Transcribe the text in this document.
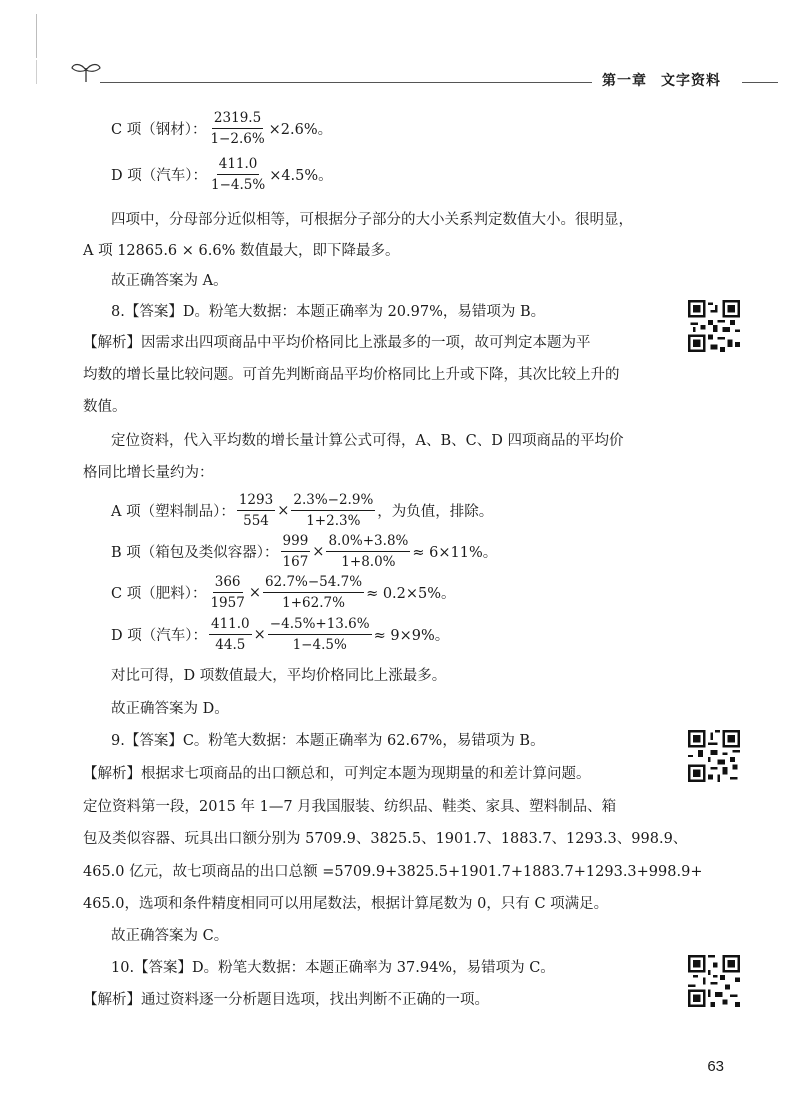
第一章 文字资料
C 项（钢材）： $\frac{2319.5}{1-2.6\%} \times 2.6\%$。
D 项（汽车）： $\frac{411.0}{1-4.5\%} \times 4.5\%$。
四项中，分母部分近似相等，可根据分子部分的大小关系判定数值大小。很明显，
A 项 12865.6 × 6.6% 数值最大，即下降最多。
故正确答案为 A。
8.【答案】D。粉笔大数据：本题正确率为 20.97%，易错项为 B。
【解析】因需求出四项商品中平均价格同比上涨最多的一项，故可判定本题为平
均数的增长量比较问题。可首先判断商品平均价格同比上升或下降，其次比较上升的
数值。
定位资料，代入平均数的增长量计算公式可得，A、B、C、D 四项商品的平均价
格同比增长量约为：
A 项（塑料制品）： $\frac{1293}{554} \times \frac{2.3\%-2.9\%}{1+2.3\%}$ ，为负值，排除。
B 项（箱包及类似容器）： $\frac{999}{167} \times \frac{8.0\%+3.8\%}{1+8.0\%} \approx 6\times 11\%$。
C 项（肥料）： $\frac{366}{1957} \times \frac{62.7\%-54.7\%}{1+62.7\%} \approx 0.2\times 5\%$。
D 项（汽车）： $\frac{411.0}{44.5} \times \frac{-4.5\%+13.6\%}{1-4.5\%} \approx 9\times 9\%$。
对比可得，D 项数值最大，平均价格同比上涨最多。
故正确答案为 D。
9.【答案】C。粉笔大数据：本题正确率为 62.67%，易错项为 B。
【解析】根据求七项商品的出口额总和，可判定本题为现期量的和差计算问题。
定位资料第一段，2015 年 1—7 月我国服装、纺织品、鞋类、家具、塑料制品、箱
包及类似容器、玩具出口额分别为 5709.9、3825.5、1901.7、1883.7、1293.3、998.9、
465.0 亿元，故七项商品的出口总额 =5709.9+3825.5+1901.7+1883.7+1293.3+998.9+
465.0，选项和条件精度相同可以用尾数法，根据计算尾数为 0，只有 C 项满足。
故正确答案为 C。
10.【答案】D。粉笔大数据：本题正确率为 37.94%，易错项为 C。
【解析】通过资料逐一分析题目选项，找出判断不正确的一项。
63
